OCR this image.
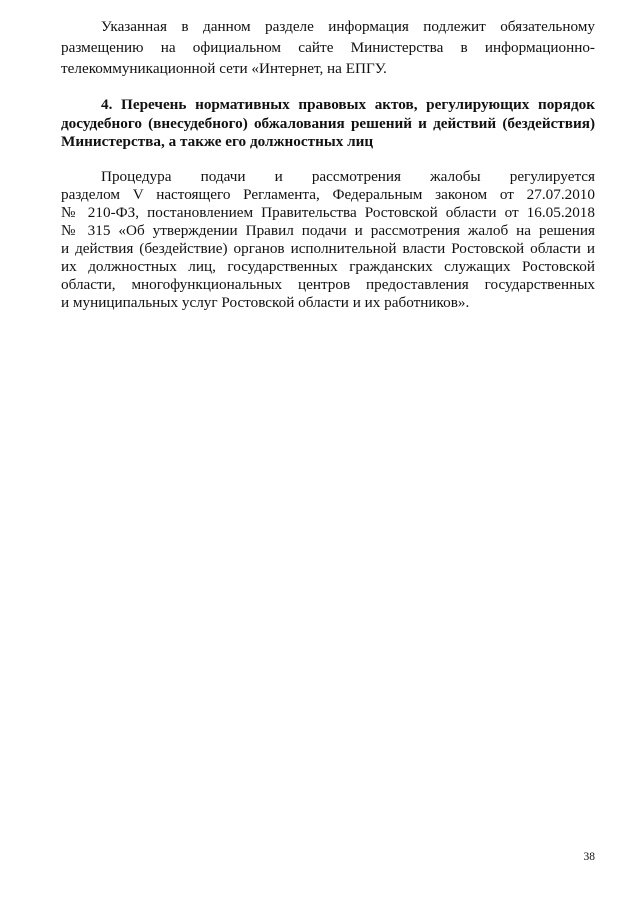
Указанная в данном разделе информация подлежит обязательному
размещению на официальном сайте Министерства в информационно-
телекоммуникационной сети «Интернет, на ЕПГУ.
4. Перечень нормативных правовых актов, регулирующих порядок
досудебного (внесудебного) обжалования решений и действий (бездействия)
Министерства, а также его должностных лиц
Процедура подачи и рассмотрения жалобы регулируется
разделом V настоящего Регламента, Федеральным законом от 27.07.2010
№ 210-ФЗ, постановлением Правительства Ростовской области от 16.05.2018
№ 315 «Об утверждении Правил подачи и рассмотрения жалоб на решения
и действия (бездействие) органов исполнительной власти Ростовской области и
их должностных лиц, государственных гражданских служащих Ростовской
области, многофункциональных центров предоставления государственных
и муниципальных услуг Ростовской области и их работников».
38
